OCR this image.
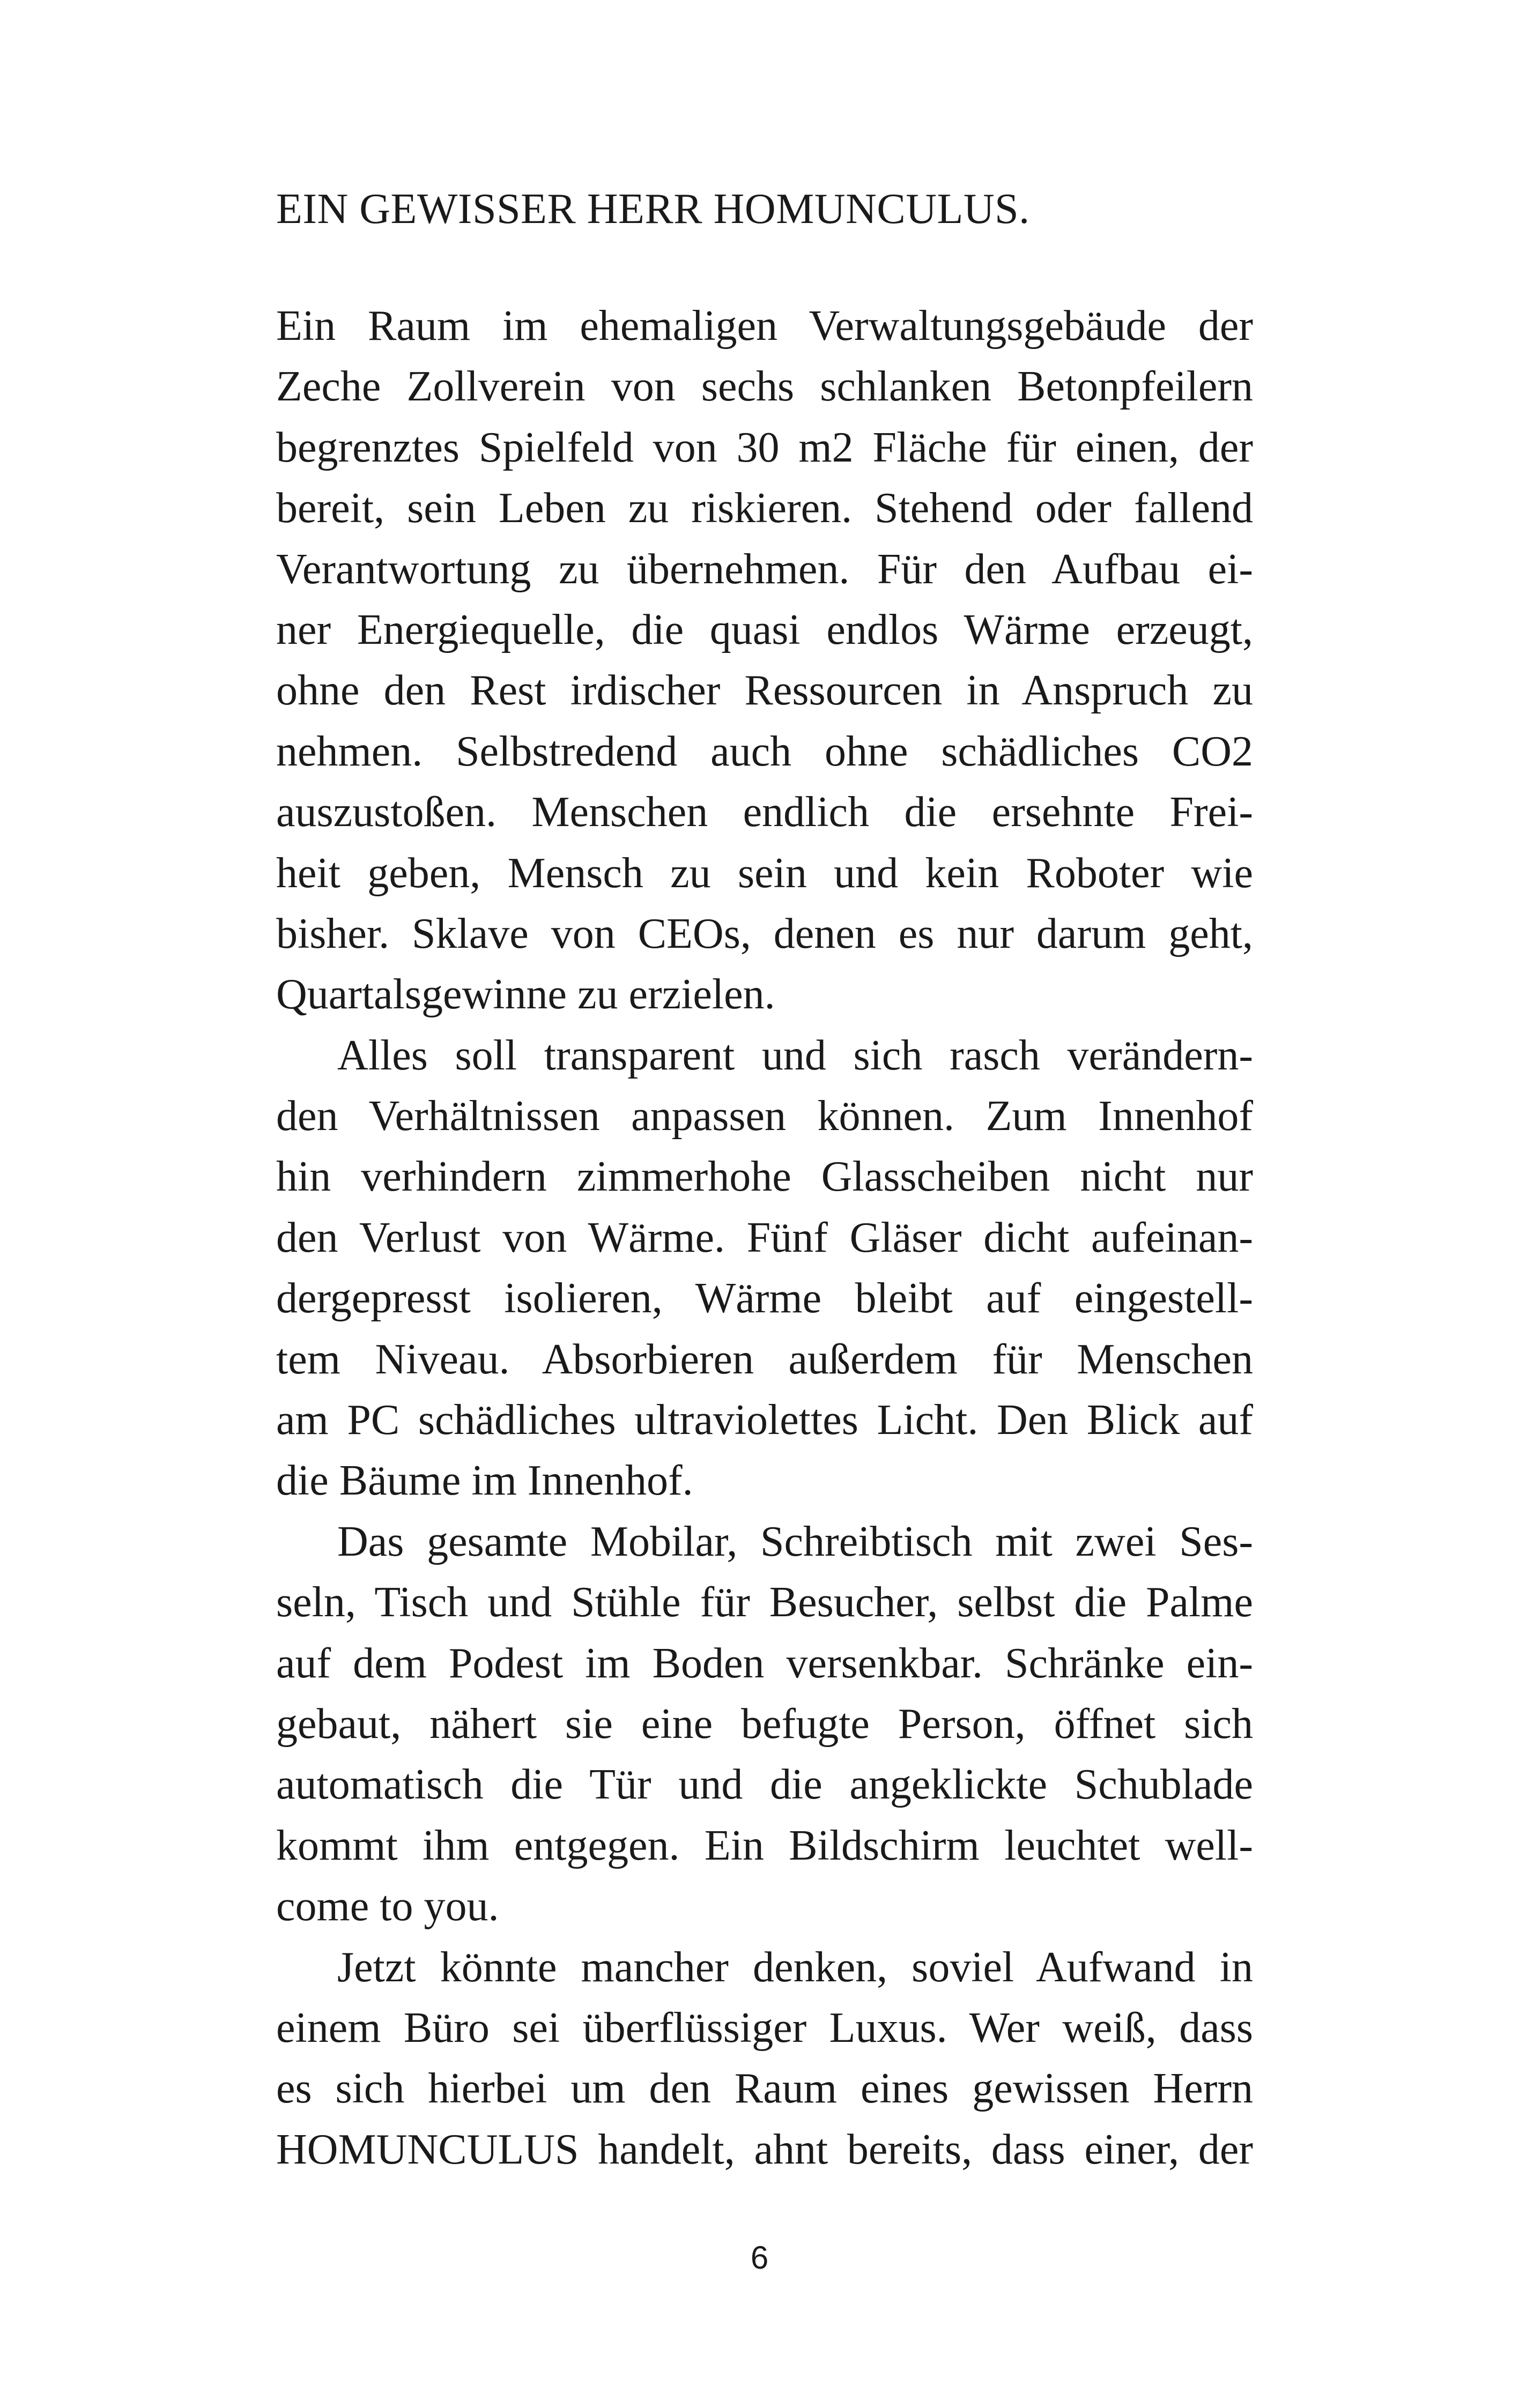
EIN GEWISSER HERR HOMUNCULUS.
Ein Raum im ehemaligen Verwaltungsgebäude der
Zeche Zollverein von sechs schlanken Betonpfeilern
begrenztes Spielfeld von 30 m2 Fläche für einen, der
bereit, sein Leben zu riskieren. Stehend oder fallend
Verantwortung zu übernehmen. Für den Aufbau ei-
ner Energiequelle, die quasi endlos Wärme erzeugt,
ohne den Rest irdischer Ressourcen in Anspruch zu
nehmen. Selbstredend auch ohne schädliches CO2
auszustoßen. Menschen endlich die ersehnte Frei-
heit geben, Mensch zu sein und kein Roboter wie
bisher. Sklave von CEOs, denen es nur darum geht,
Quartalsgewinne zu erzielen.
Alles soll transparent und sich rasch verändern-
den Verhältnissen anpassen können. Zum Innenhof
hin verhindern zimmerhohe Glasscheiben nicht nur
den Verlust von Wärme. Fünf Gläser dicht aufeinan-
dergepresst isolieren, Wärme bleibt auf eingestell-
tem Niveau. Absorbieren außerdem für Menschen
am PC schädliches ultraviolettes Licht. Den Blick auf
die Bäume im Innenhof.
Das gesamte Mobilar, Schreibtisch mit zwei Ses-
seln, Tisch und Stühle für Besucher, selbst die Palme
auf dem Podest im Boden versenkbar. Schränke ein-
gebaut, nähert sie eine befugte Person, öffnet sich
automatisch die Tür und die angeklickte Schublade
kommt ihm entgegen. Ein Bildschirm leuchtet well-
come to you.
Jetzt könnte mancher denken, soviel Aufwand in
einem Büro sei überflüssiger Luxus. Wer weiß, dass
es sich hierbei um den Raum eines gewissen Herrn
HOMUNCULUS handelt, ahnt bereits, dass einer, der
6
